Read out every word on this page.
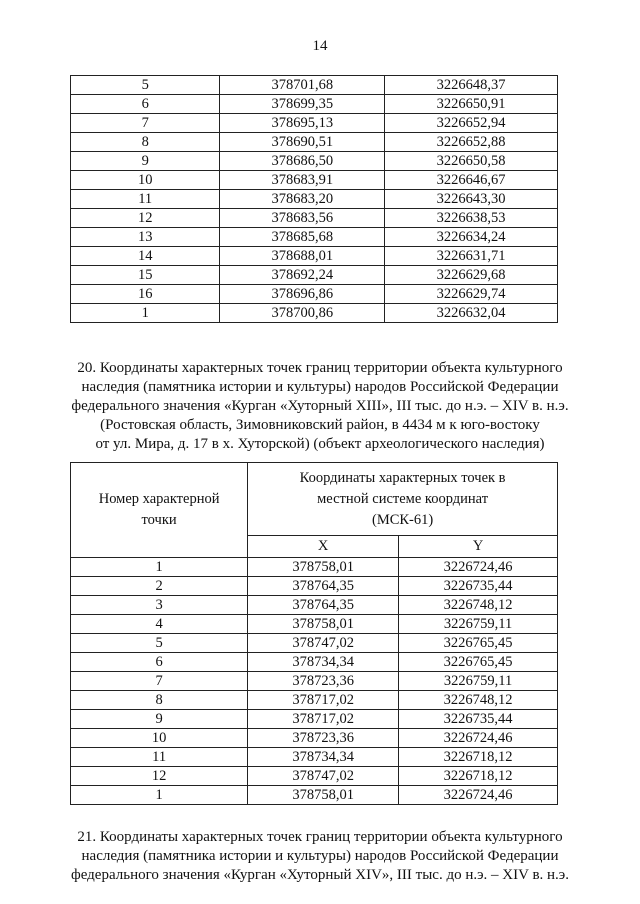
14
5	378701,68	3226648,37
6	378699,35	3226650,91
7	378695,13	3226652,94
8	378690,51	3226652,88
9	378686,50	3226650,58
10	378683,91	3226646,67
11	378683,20	3226643,30
12	378683,56	3226638,53
13	378685,68	3226634,24
14	378688,01	3226631,71
15	378692,24	3226629,68
16	378696,86	3226629,74
1	378700,86	3226632,04

20. Координаты характерных точек границ территории объекта культурного

наследия (памятника истории и культуры) народов Российской Федерации

федерального значения «Курган «Хуторный XIII», III тыс. до н.э. – XIV в. н.э.

(Ростовская область, Зимовниковский район, в 4434 м к юго-востоку

от ул. Мира, д. 17 в х. Хуторской) (объект археологического наследия)

Номер характерной точки	Координаты характерных точек в местной системе координат (МСК-61)	
	X	Y
1	378758,01	3226724,46
2	378764,35	3226735,44
3	378764,35	3226748,12
4	378758,01	3226759,11
5	378747,02	3226765,45
6	378734,34	3226765,45
7	378723,36	3226759,11
8	378717,02	3226748,12
9	378717,02	3226735,44
10	378723,36	3226724,46
11	378734,34	3226718,12
12	378747,02	3226718,12
1	378758,01	3226724,46

21. Координаты характерных точек границ территории объекта культурного

наследия (памятника истории и культуры) народов Российской Федерации

федерального значения «Курган «Хуторный XIV», III тыс. до н.э. – XIV в. н.э.
